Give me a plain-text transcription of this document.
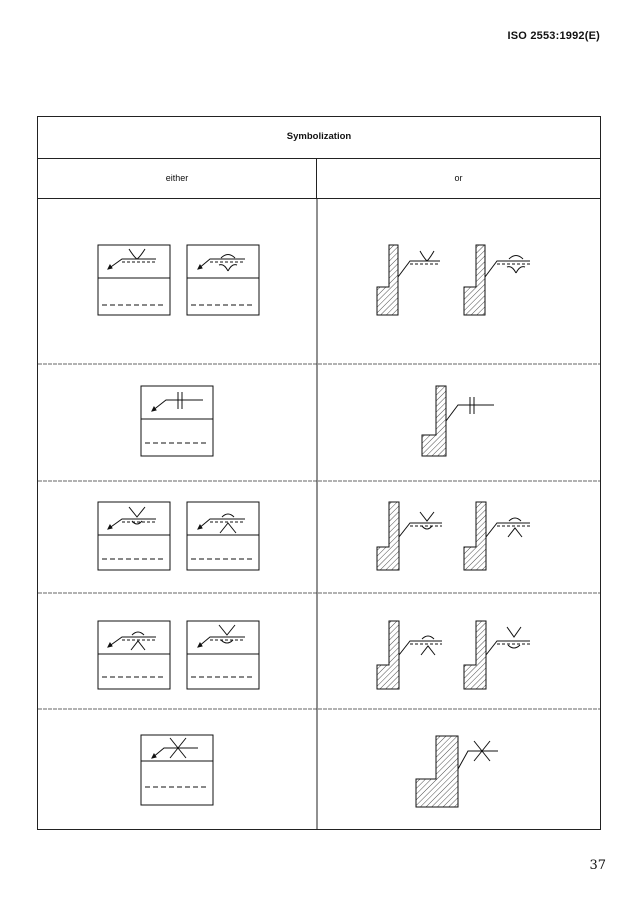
ISO 2553:1992(E)
Symbolization
either	or
37
